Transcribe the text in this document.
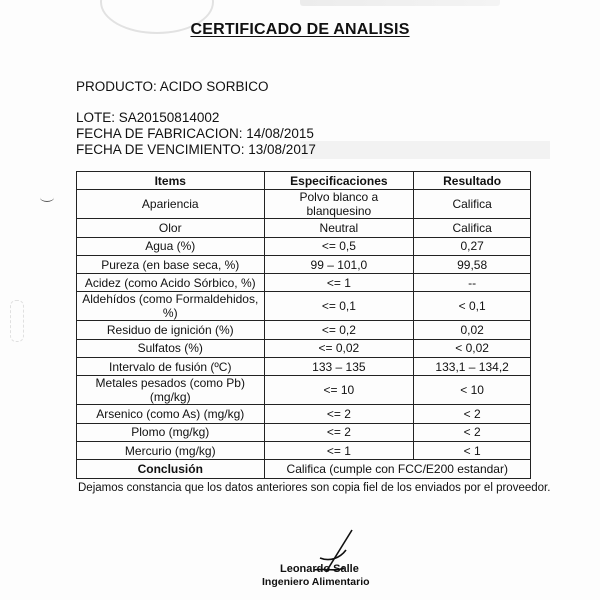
CERTIFICADO DE ANALISIS
PRODUCTO: ACIDO SORBICO
LOTE: SA20150814002
FECHA DE FABRICACION: 14/08/2015
FECHA DE VENCIMIENTO: 13/08/2017
Items	Especificaciones	Resultado
Apariencia	Polvo blanco a blanquesino	Califica
Olor	Neutral	Califica
Agua (%)	<= 0,5	0,27
Pureza (en base seca, %)	99 – 101,0	99,58
Acidez (como Acido Sórbico, %)	<= 1	--
Aldehídos (como Formaldehidos, %)	<= 0,1	< 0,1
Residuo de ignición (%)	<= 0,2	0,02
Sulfatos (%)	<= 0,02	< 0,02
Intervalo de fusión (ºC)	133 – 135	133,1 – 134,2
Metales pesados (como Pb) (mg/kg)	<= 10	< 10
Arsenico (como As) (mg/kg)	<= 2	< 2
Plomo (mg/kg)	<= 2	< 2
Mercurio (mg/kg)	<= 1	< 1
Conclusión	Califica (cumple con FCC/E200 estandar)	
Dejamos constancia que los datos anteriores son copia fiel de los enviados por el proveedor.
Leonardo Salle
Ingeniero Alimentario
